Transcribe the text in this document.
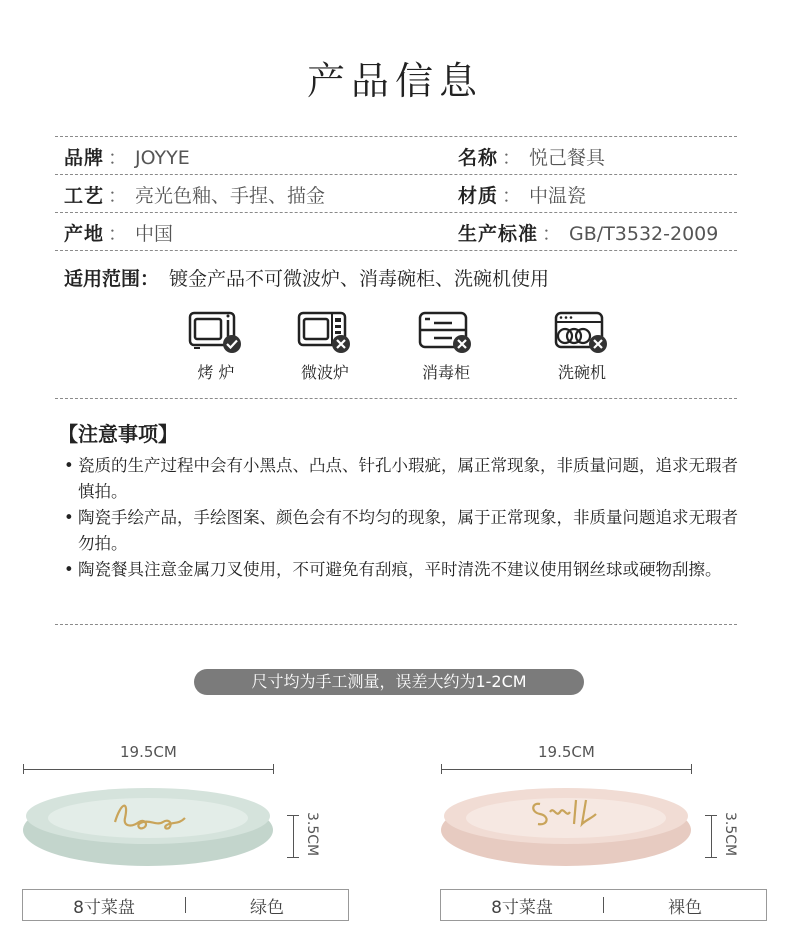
产品信息
品牌 ： JOYYE	名称 ： 悦己餐具
工艺 ： 亮光色釉、手捏、描金	材质 ： 中温瓷
产地 ： 中国	生产标准 ： GB/T3532-2009
适用范围： 镀金产品不可微波炉、消毒碗柜、洗碗机使用
烤 炉	微波炉	消毒柜	洗碗机
【注意事项】
• 瓷质的生产过程中会有小黑点、凸点、针孔小瑕疵，属正常现象，非质量问题，追求无瑕者慎拍。
• 陶瓷手绘产品，手绘图案、颜色会有不均匀的现象，属于正常现象，非质量问题追求无瑕者勿拍。
• 陶瓷餐具注意金属刀叉使用，不可避免有刮痕，平时清洗不建议使用钢丝球或硬物刮擦。
尺寸均为手工测量，误差大约为1-2CM
19.5CM
3.5CM
8寸菜盘	绿色
19.5CM
3.5CM
8寸菜盘	裸色
